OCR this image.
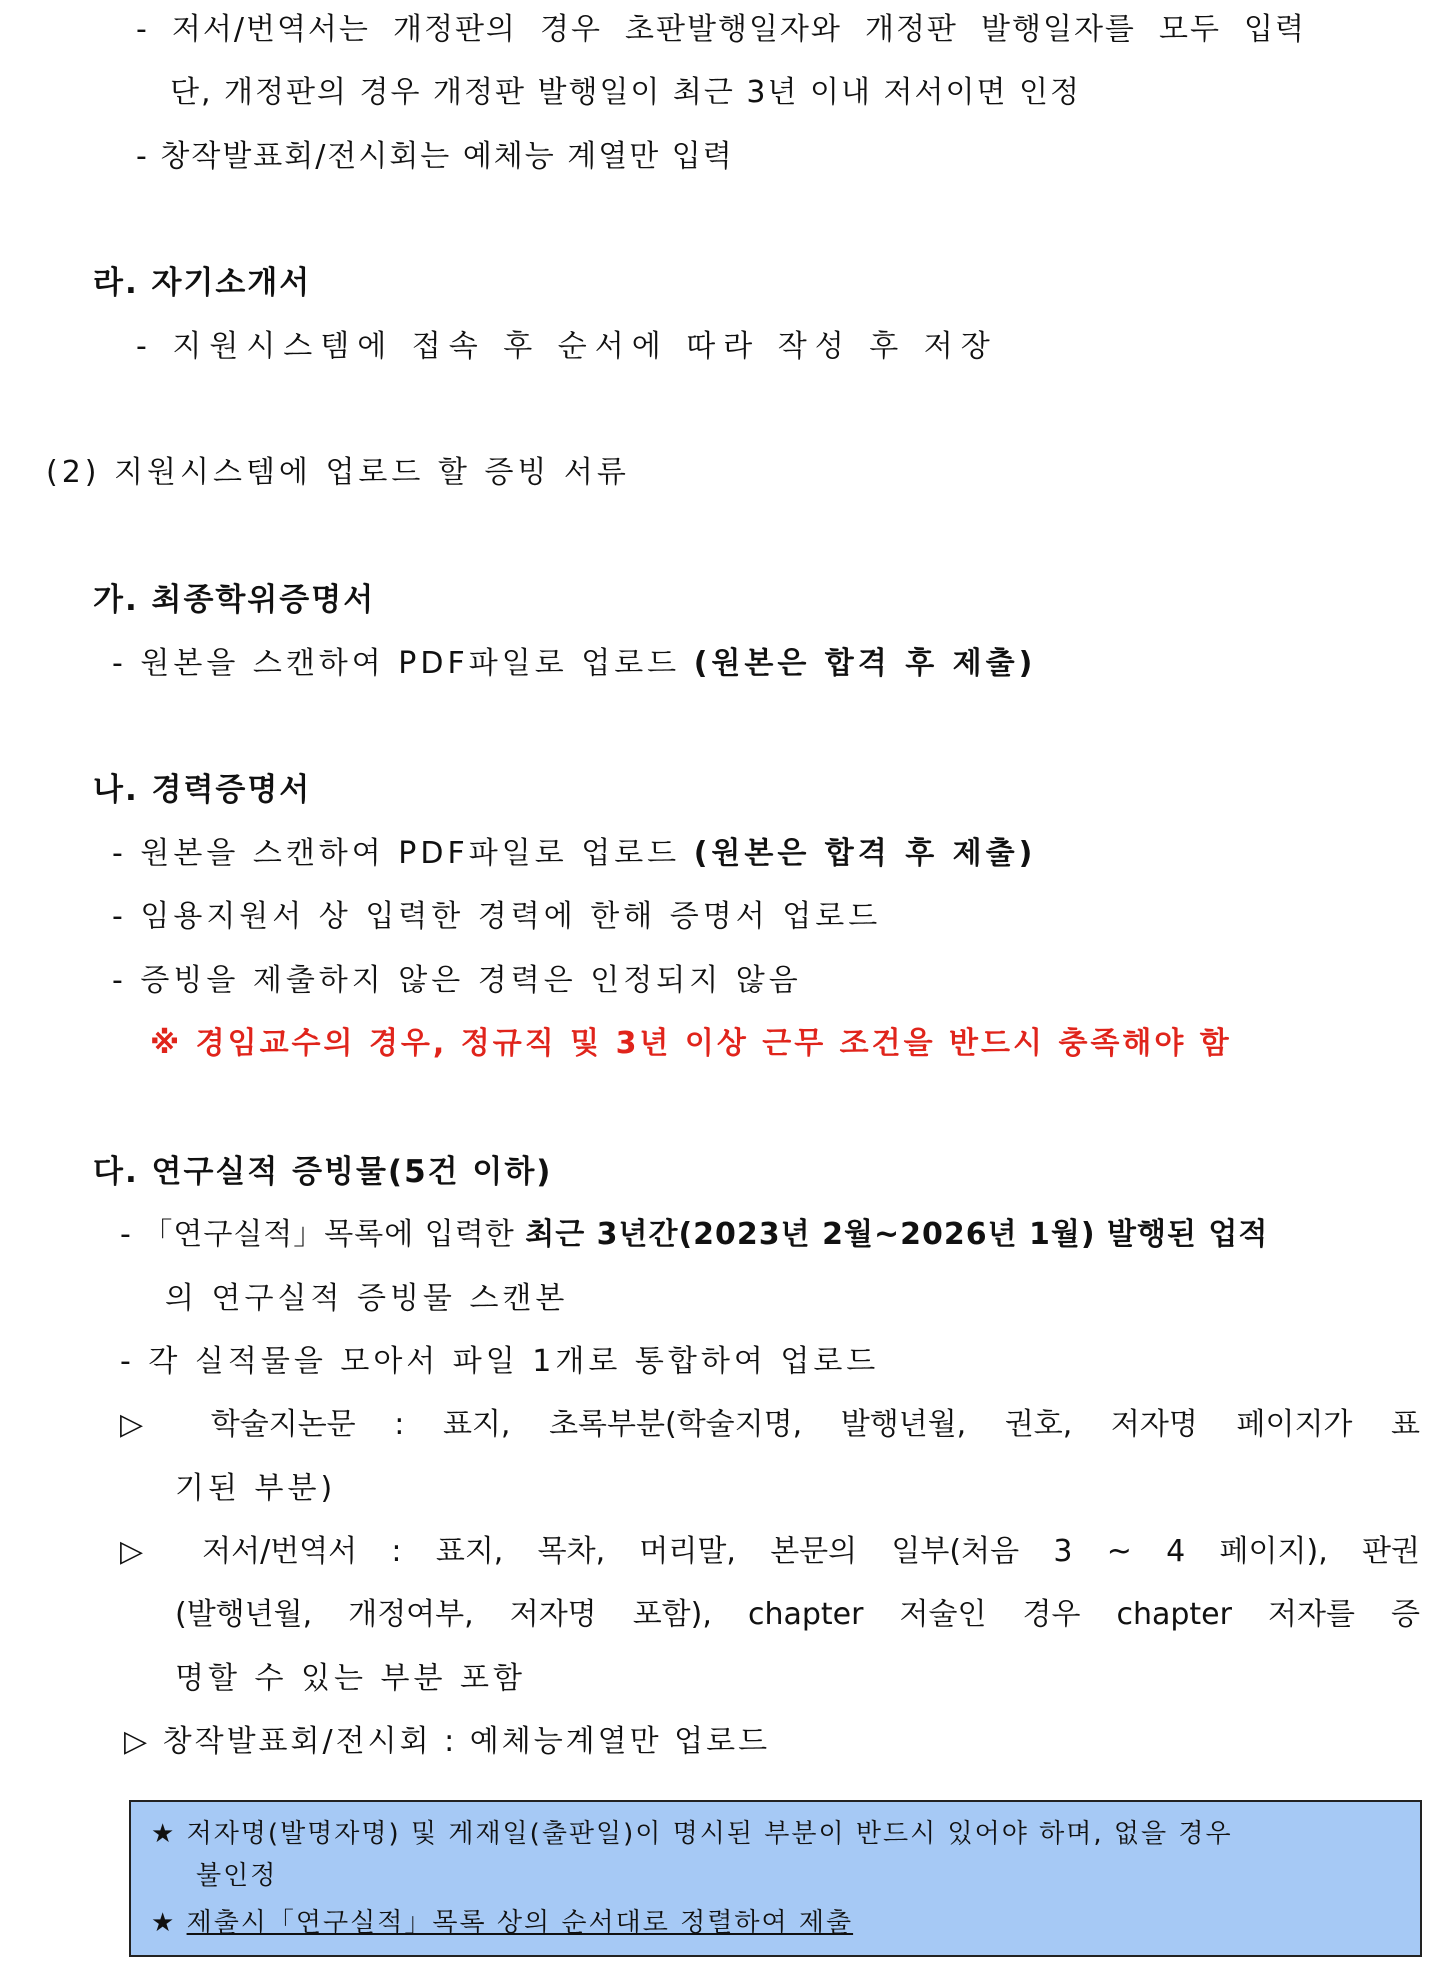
- 저서/번역서는 개정판의 경우 초판발행일자와 개정판 발행일자를 모두 입력
단, 개정판의 경우 개정판 발행일이 최근 3년 이내 저서이면 인정
- 창작발표회/전시회는 예체능 계열만 입력
라. 자기소개서
- 지원시스템에 접속 후 순서에 따라 작성 후 저장
(2) 지원시스템에 업로드 할 증빙 서류
가. 최종학위증명서
- 원본을 스캔하여 PDF파일로 업로드 (원본은 합격 후 제출)
나. 경력증명서
- 원본을 스캔하여 PDF파일로 업로드 (원본은 합격 후 제출)
- 임용지원서 상 입력한 경력에 한해 증명서 업로드
- 증빙을 제출하지 않은 경력은 인정되지 않음
※ 경임교수의 경우, 정규직 및 3년 이상 근무 조건을 반드시 충족해야 함
다. 연구실적 증빙물(5건 이하)
- 「연구실적」목록에 입력한 최근 3년간(2023년 2월~2026년 1월) 발행된 업적
의 연구실적 증빙물 스캔본
- 각 실적물을 모아서 파일 1개로 통합하여 업로드
▷ 학술지논문 : 표지, 초록부분(학술지명, 발행년월, 권호, 저자명 페이지가 표
기된 부분)
▷ 저서/번역서 : 표지, 목차, 머리말, 본문의 일부(처음 3 ~ 4 페이지), 판권
(발행년월, 개정여부, 저자명 포함), chapter 저술인 경우 chapter 저자를 증
명할 수 있는 부분 포함
▷ 창작발표회/전시회 : 예체능계열만 업로드
★ 저자명(발명자명) 및 게재일(출판일)이 명시된 부분이 반드시 있어야 하며, 없을 경우
불인정
★ 제출시「연구실적」목록 상의 순서대로 정렬하여 제출
